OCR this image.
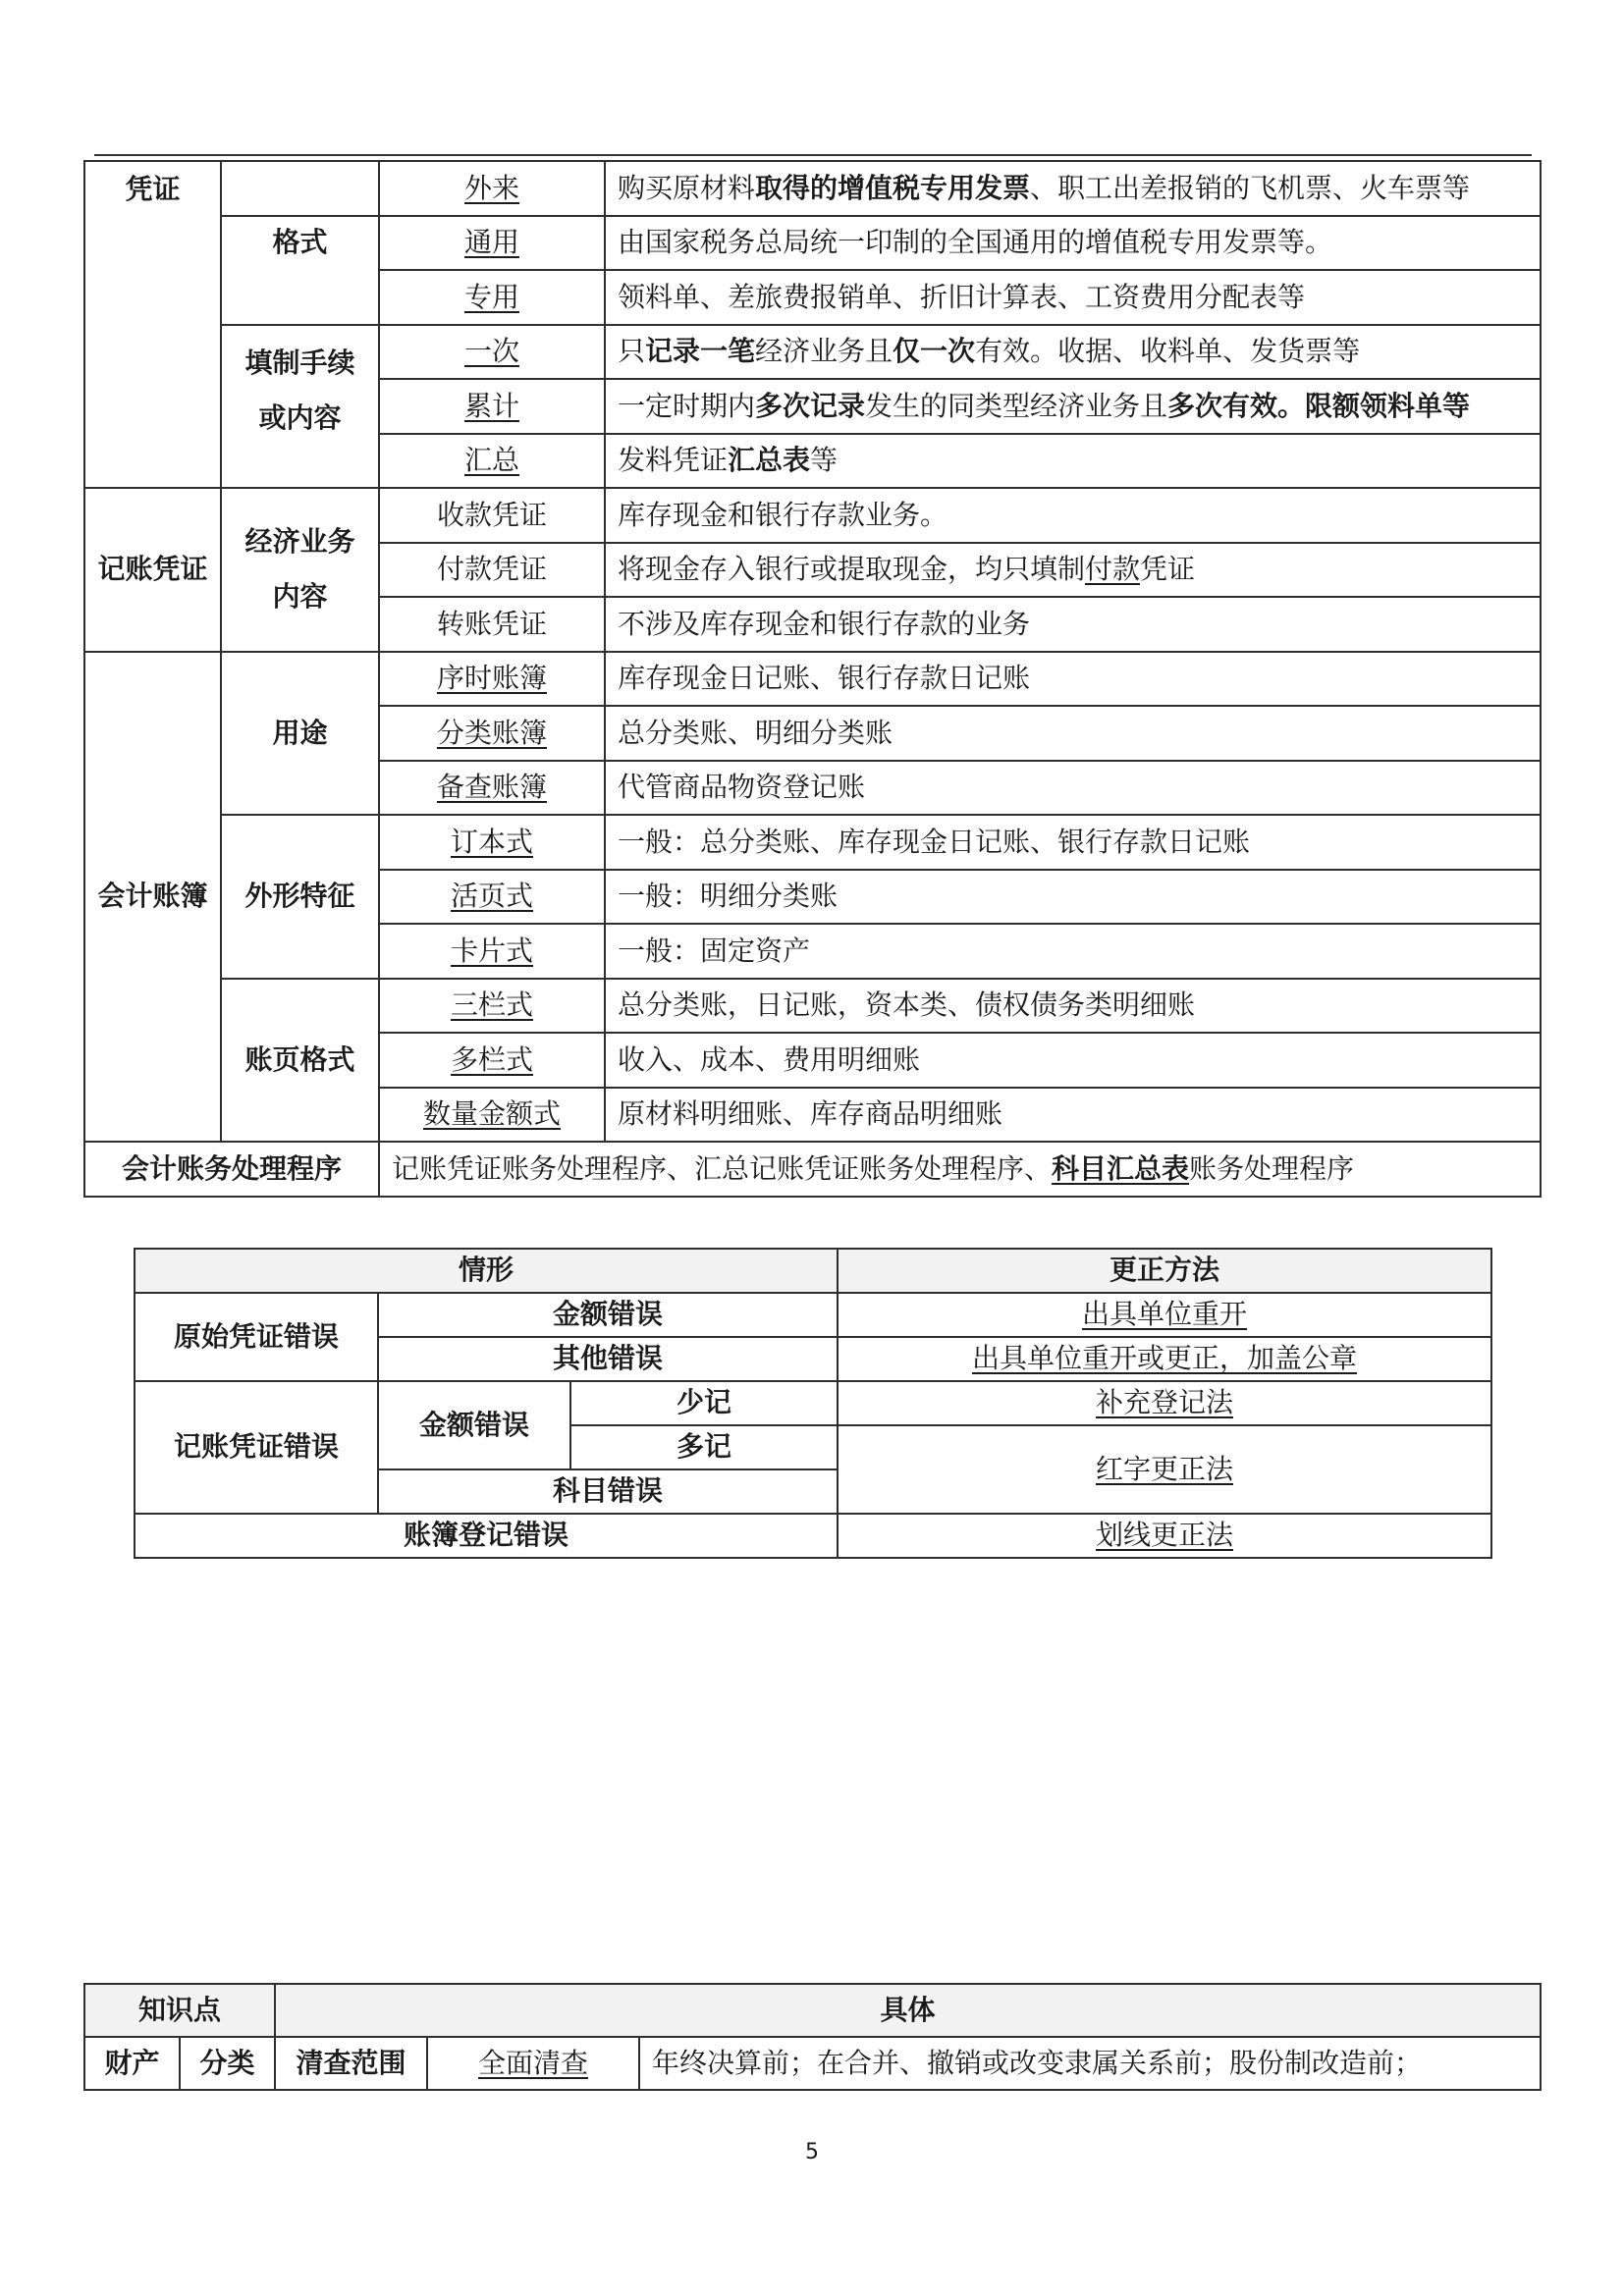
凭证		外来	购买原材料取得的增值税专用发票、职工出差报销的飞机票、火车票等
	格式	通用	由国家税务总局统一印制的全国通用的增值税专用发票等。
		专用	领料单、差旅费报销单、折旧计算表、工资费用分配表等
	填制手续或内容	一次	只记录一笔经济业务且仅一次有效。收据、收料单、发货票等
		累计	一定时期内多次记录发生的同类型经济业务且多次有效。限额领料单等
		汇总	发料凭证汇总表等
记账凭证	经济业务内容	收款凭证	库存现金和银行存款业务。
		付款凭证	将现金存入银行或提取现金，均只填制付款凭证
		转账凭证	不涉及库存现金和银行存款的业务
会计账簿	用途	序时账簿	库存现金日记账、银行存款日记账
		分类账簿	总分类账、明细分类账
		备查账簿	代管商品物资登记账
	外形特征	订本式	一般：总分类账、库存现金日记账、银行存款日记账
		活页式	一般：明细分类账
		卡片式	一般：固定资产
	账页格式	三栏式	总分类账，日记账，资本类、债权债务类明细账
		多栏式	收入、成本、费用明细账
		数量金额式	原材料明细账、库存商品明细账
会计账务处理程序		记账凭证账务处理程序、汇总记账凭证账务处理程序、科目汇总表账务处理程序	
情形			更正方法
原始凭证错误	金额错误		出具单位重开
	其他错误		出具单位重开或更正，加盖公章
记账凭证错误	金额错误	少记	补充登记法
		多记	红字更正法
	科目错误		
账簿登记错误			划线更正法
知识点		具体		
财产	分类	清查范围	全面清查	年终决算前；在合并、撤销或改变隶属关系前；股份制改造前；
5
